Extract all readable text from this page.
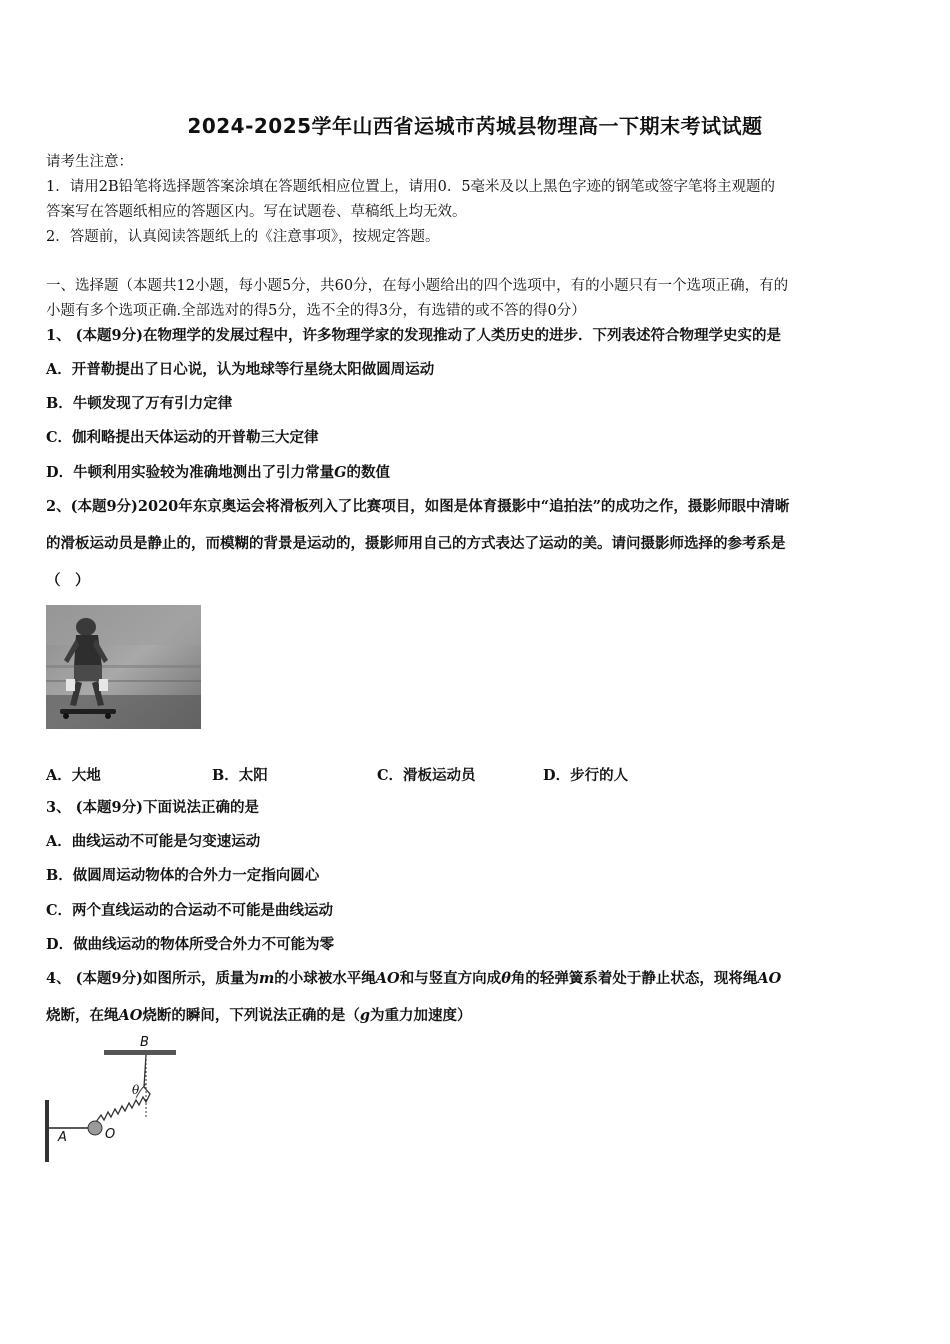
2024-2025学年山西省运城市芮城县物理高一下期末考试试题
请考生注意：
1．请用2B铅笔将选择题答案涂填在答题纸相应位置上，请用0．5毫米及以上黑色字迹的钢笔或签字笔将主观题的
答案写在答题纸相应的答题区内。写在试题卷、草稿纸上均无效。
2．答题前，认真阅读答题纸上的《注意事项》，按规定答题。
一、选择题（本题共12小题，每小题5分，共60分，在每小题给出的四个选项中，有的小题只有一个选项正确，有的
小题有多个选项正确.全部选对的得5分，选不全的得3分，有选错的或不答的得0分）
1、 (本题9分)在物理学的发展过程中，许多物理学家的发现推动了人类历史的进步．下列表述符合物理学史实的是
A．开普勒提出了日心说，认为地球等行星绕太阳做圆周运动
B．牛顿发现了万有引力定律
C．伽利略提出天体运动的开普勒三大定律
D．牛顿利用实验较为准确地测出了引力常量G的数值
2、(本题9分)2020年东京奥运会将滑板列入了比赛项目，如图是体育摄影中“追拍法”的成功之作，摄影师眼中清晰
的滑板运动员是静止的，而模糊的背景是运动的，摄影师用自己的方式表达了运动的美。请问摄影师选择的参考系是
（　）
A．大地	B．太阳	C．滑板运动员	D．步行的人
3、 (本题9分)下面说法正确的是
A．曲线运动不可能是匀变速运动
B．做圆周运动物体的合外力一定指向圆心
C．两个直线运动的合运动不可能是曲线运动
D．做曲线运动的物体所受合外力不可能为零
4、 (本题9分)如图所示，质量为m的小球被水平绳AO和与竖直方向成θ角的轻弹簧系着处于静止状态，现将绳AO
烧断，在绳AO烧断的瞬间，下列说法正确的是（g为重力加速度）
B
A
θ
O
